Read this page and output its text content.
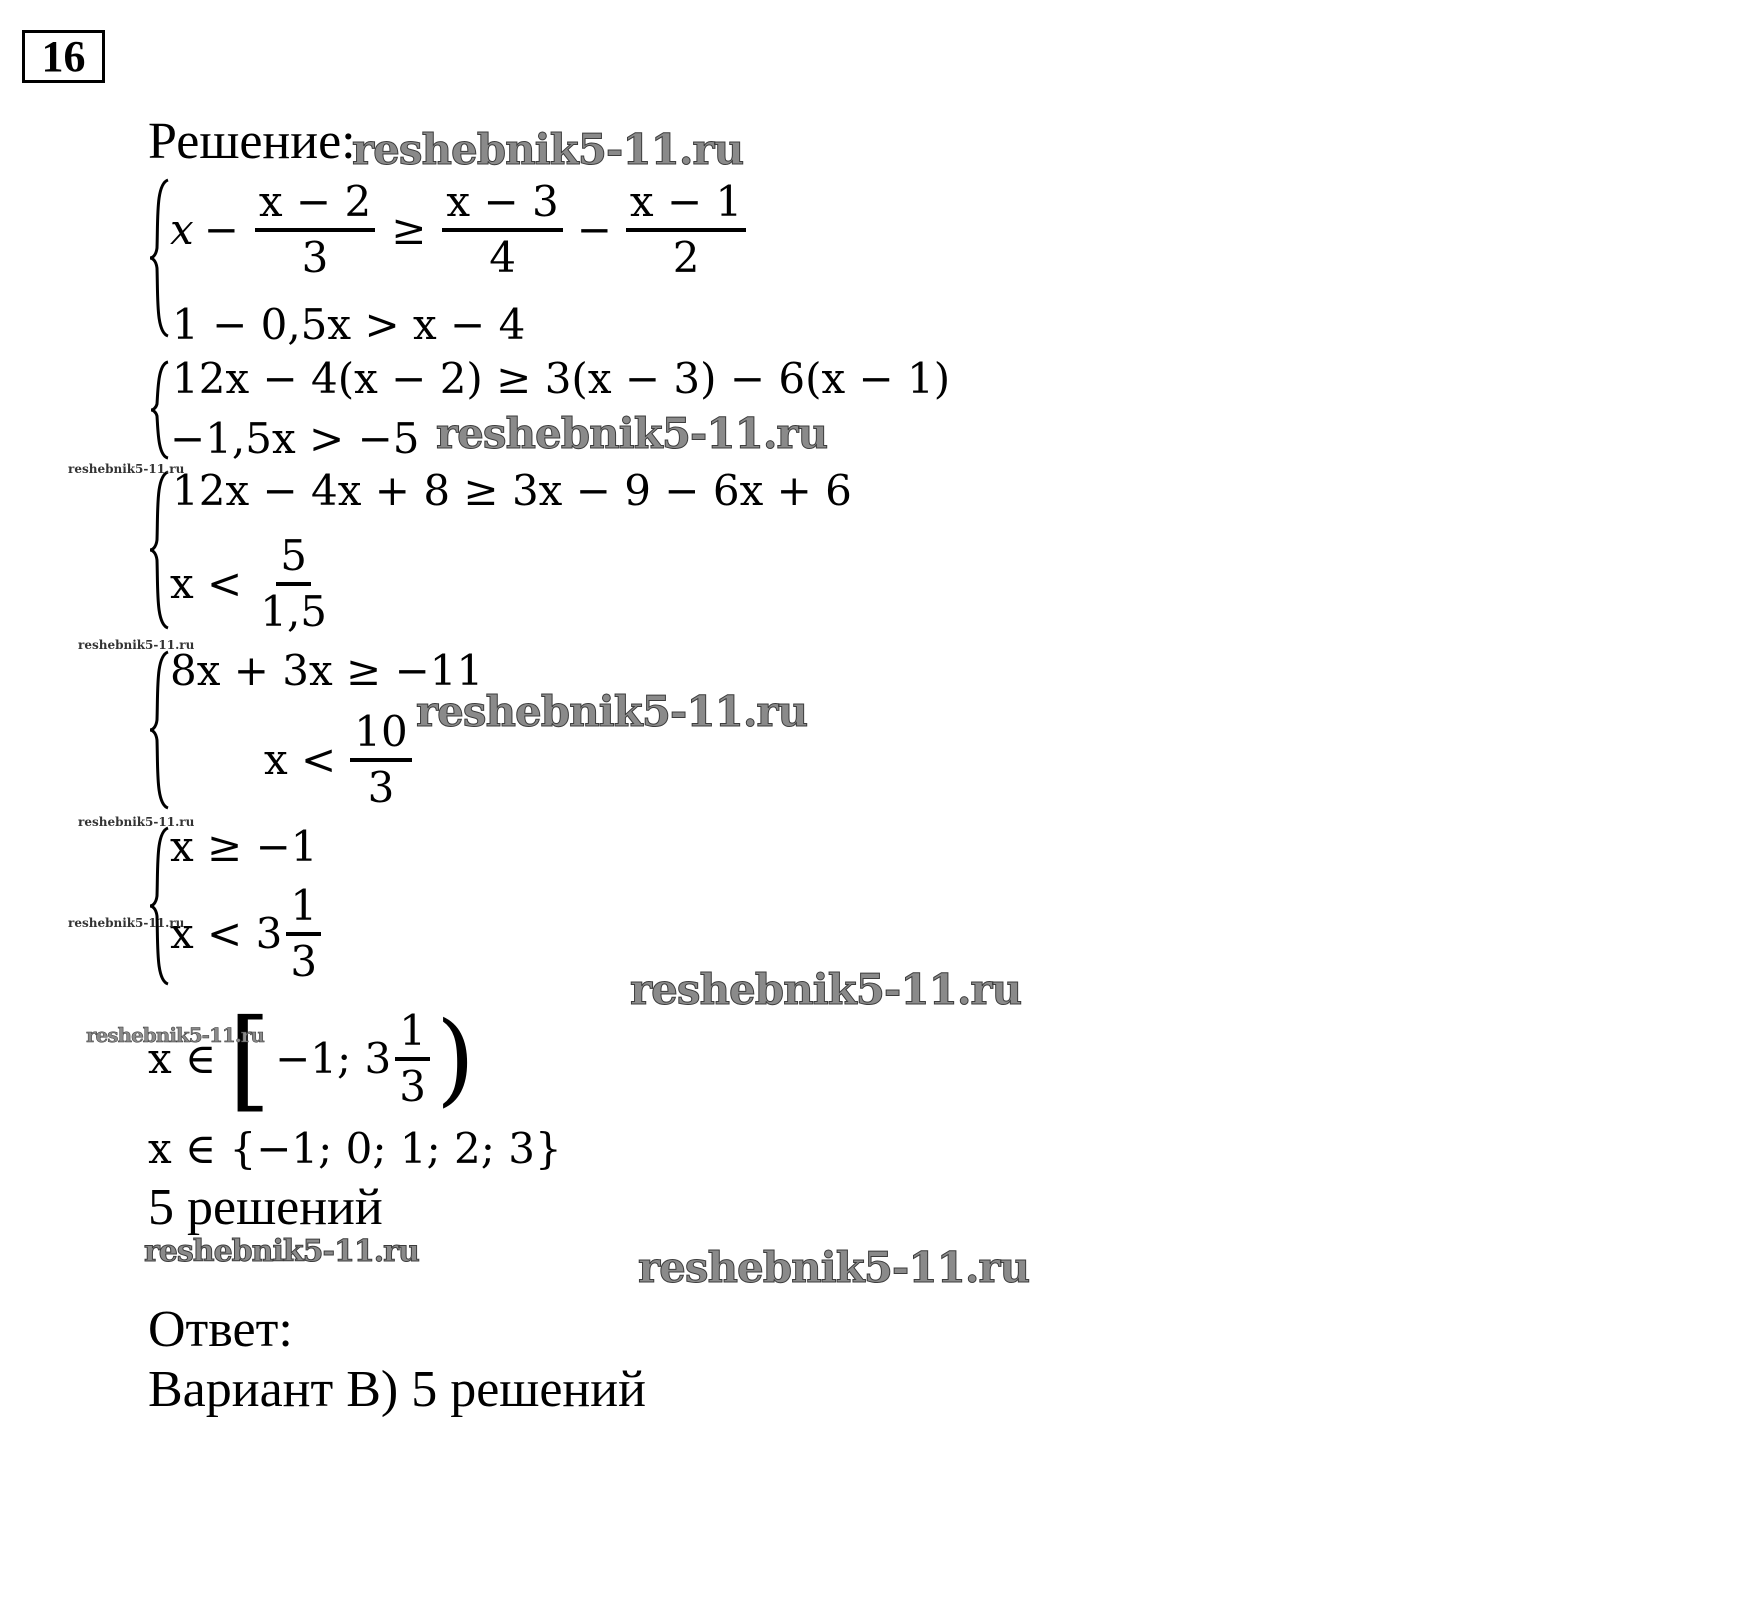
16
Решение:
$x - \frac{x - 2}{3} \ge \frac{x - 3}{4} - \frac{x - 1}{2}$
1 − 0,5x > x − 4
12x − 4(x − 2) ≥ 3(x − 3) − 6(x − 1)
−1,5x > −5
12x − 4x + 8 ≥ 3x − 9 − 6x + 6
$x < \frac{5}{1,5}$
8x + 3x ≥ −11
$x < \frac{10}{3}$
x ≥ −1
$x < 3 \frac{1}{3}$
x ∈ [ −1; $3 \frac{1}{3}$ )
x ∈ {−1; 0; 1; 2; 3}
5 решений
Ответ:
Вариант В) 5 решений
reshebnik5-11.ru
reshebnik5-11.ru
reshebnik5-11.ru
reshebnik5-11.ru
reshebnik5-11.ru
reshebnik5-11.ru
reshebnik5-11.ru
reshebnik5-11.ru
reshebnik5-11.ru
reshebnik5-11.ru	reshebnik5-11.ru
